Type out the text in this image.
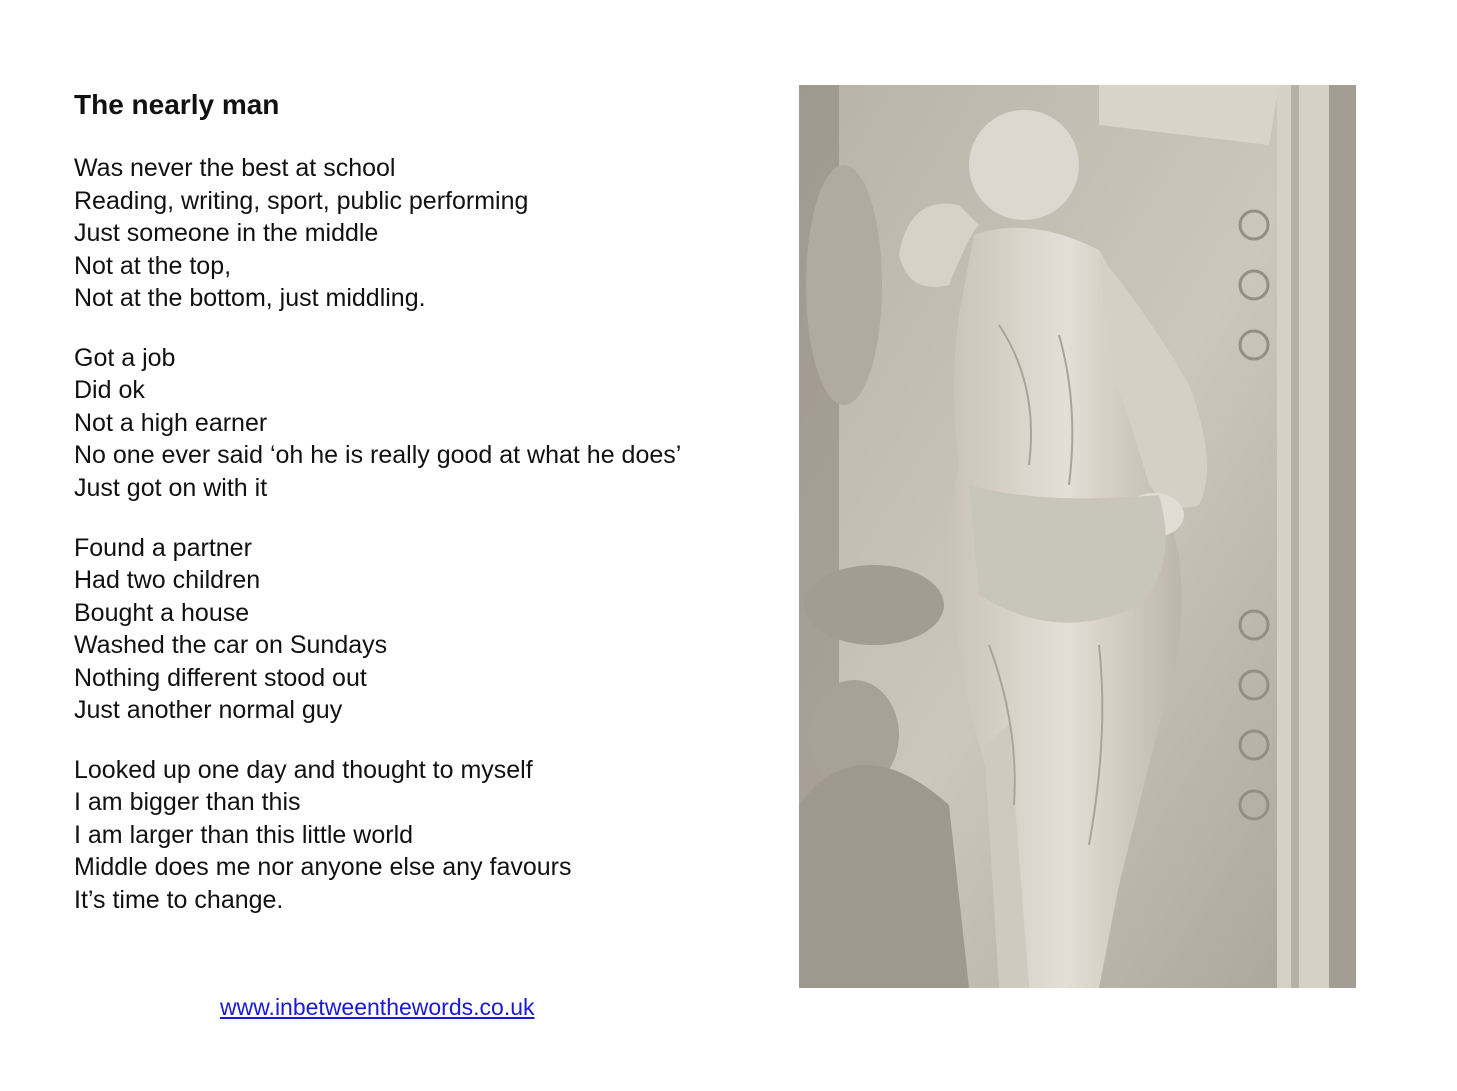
The nearly man
Was never the best at school
Reading, writing, sport, public performing
Just someone in the middle
Not at the top,
Not at the bottom, just middling.
Got a job
Did ok
Not a high earner
No one ever said ‘oh he is really good at what he does’
Just got on with it
Found a partner
Had two children
Bought a house
Washed the car on Sundays
Nothing different stood out
Just another normal guy
Looked up one day and thought to myself
I am bigger than this
I am larger than this little world
Middle does me nor anyone else any favours
It’s time to change.
www.inbetweenthewords.co.uk
